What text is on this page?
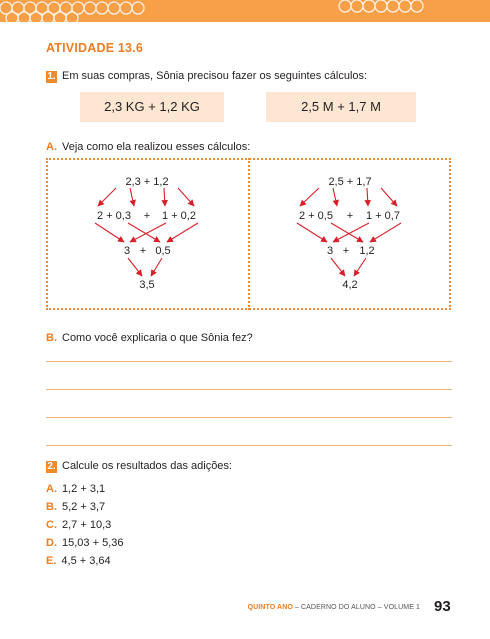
ATIVIDADE 13.6
1. Em suas compras, Sônia precisou fazer os seguintes cálculos:
2,3 KG + 1,2 KG	2,5 M + 1,7 M
A. Veja como ela realizou esses cálculos:
2,3 + 1,2
2 + 0,3 + 1 + 0,2
3 + 0,5
3,5
2,5 + 1,7
2 + 0,5 + 1 + 0,7
3 + 1,2
4,2
B. Como você explicaria o que Sônia fez?
2. Calcule os resultados das adições:
A. 1,2 + 3,1
B. 5,2 + 3,7
C. 2,7 + 10,3
D. 15,03 + 5,36
E. 4,5 + 3,64
QUINTO ANO – CADERNO DO ALUNO – VOLUME 1 93
